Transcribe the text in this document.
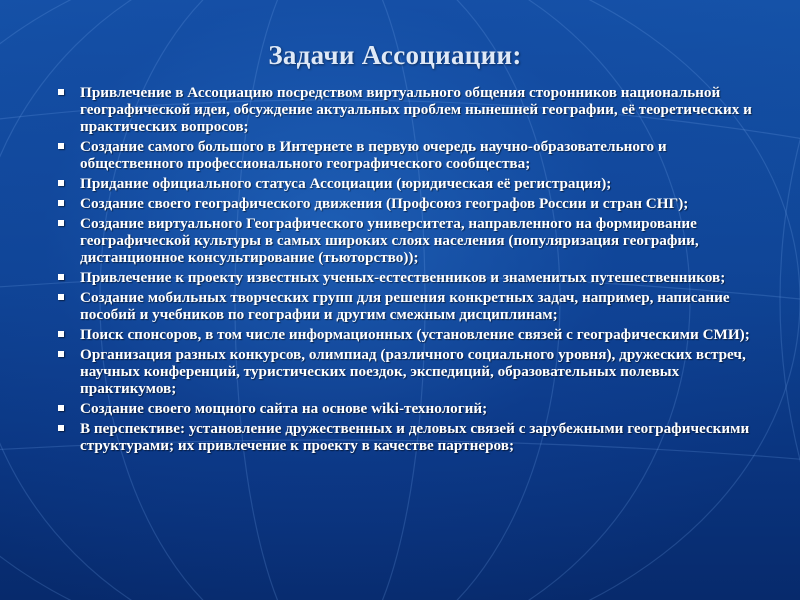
Задачи Ассоциации:
Привлечение в Ассоциацию посредством виртуального общения сторонников национальной географической идеи, обсуждение актуальных проблем нынешней географии, её теоретических и практических вопросов;
Создание самого большого в Интернете в первую очередь научно-образовательного и общественного профессионального географического сообщества;
Придание официального статуса Ассоциации (юридическая её регистрация);
Создание своего географического движения (Профсоюз географов России и стран СНГ);
Создание виртуального Географического университета, направленного на формирование географической культуры в самых широких слоях населения (популяризация географии, дистанционное консультирование (тьюторство));
Привлечение к проекту известных ученых-естественников и знаменитых путешественников;
Создание мобильных творческих групп для решения конкретных задач, например, написание пособий и учебников по географии и другим смежным дисциплинам;
Поиск спонсоров, в том числе информационных (установление связей с географическими СМИ);
Организация разных конкурсов, олимпиад (различного социального уровня), дружеских встреч, научных конференций, туристических поездок, экспедиций, образовательных полевых практикумов;
Создание своего мощного сайта на основе wiki-технологий;
В перспективе: установление дружественных и деловых связей с зарубежными географическими структурами; их привлечение к проекту в качестве партнеров;
